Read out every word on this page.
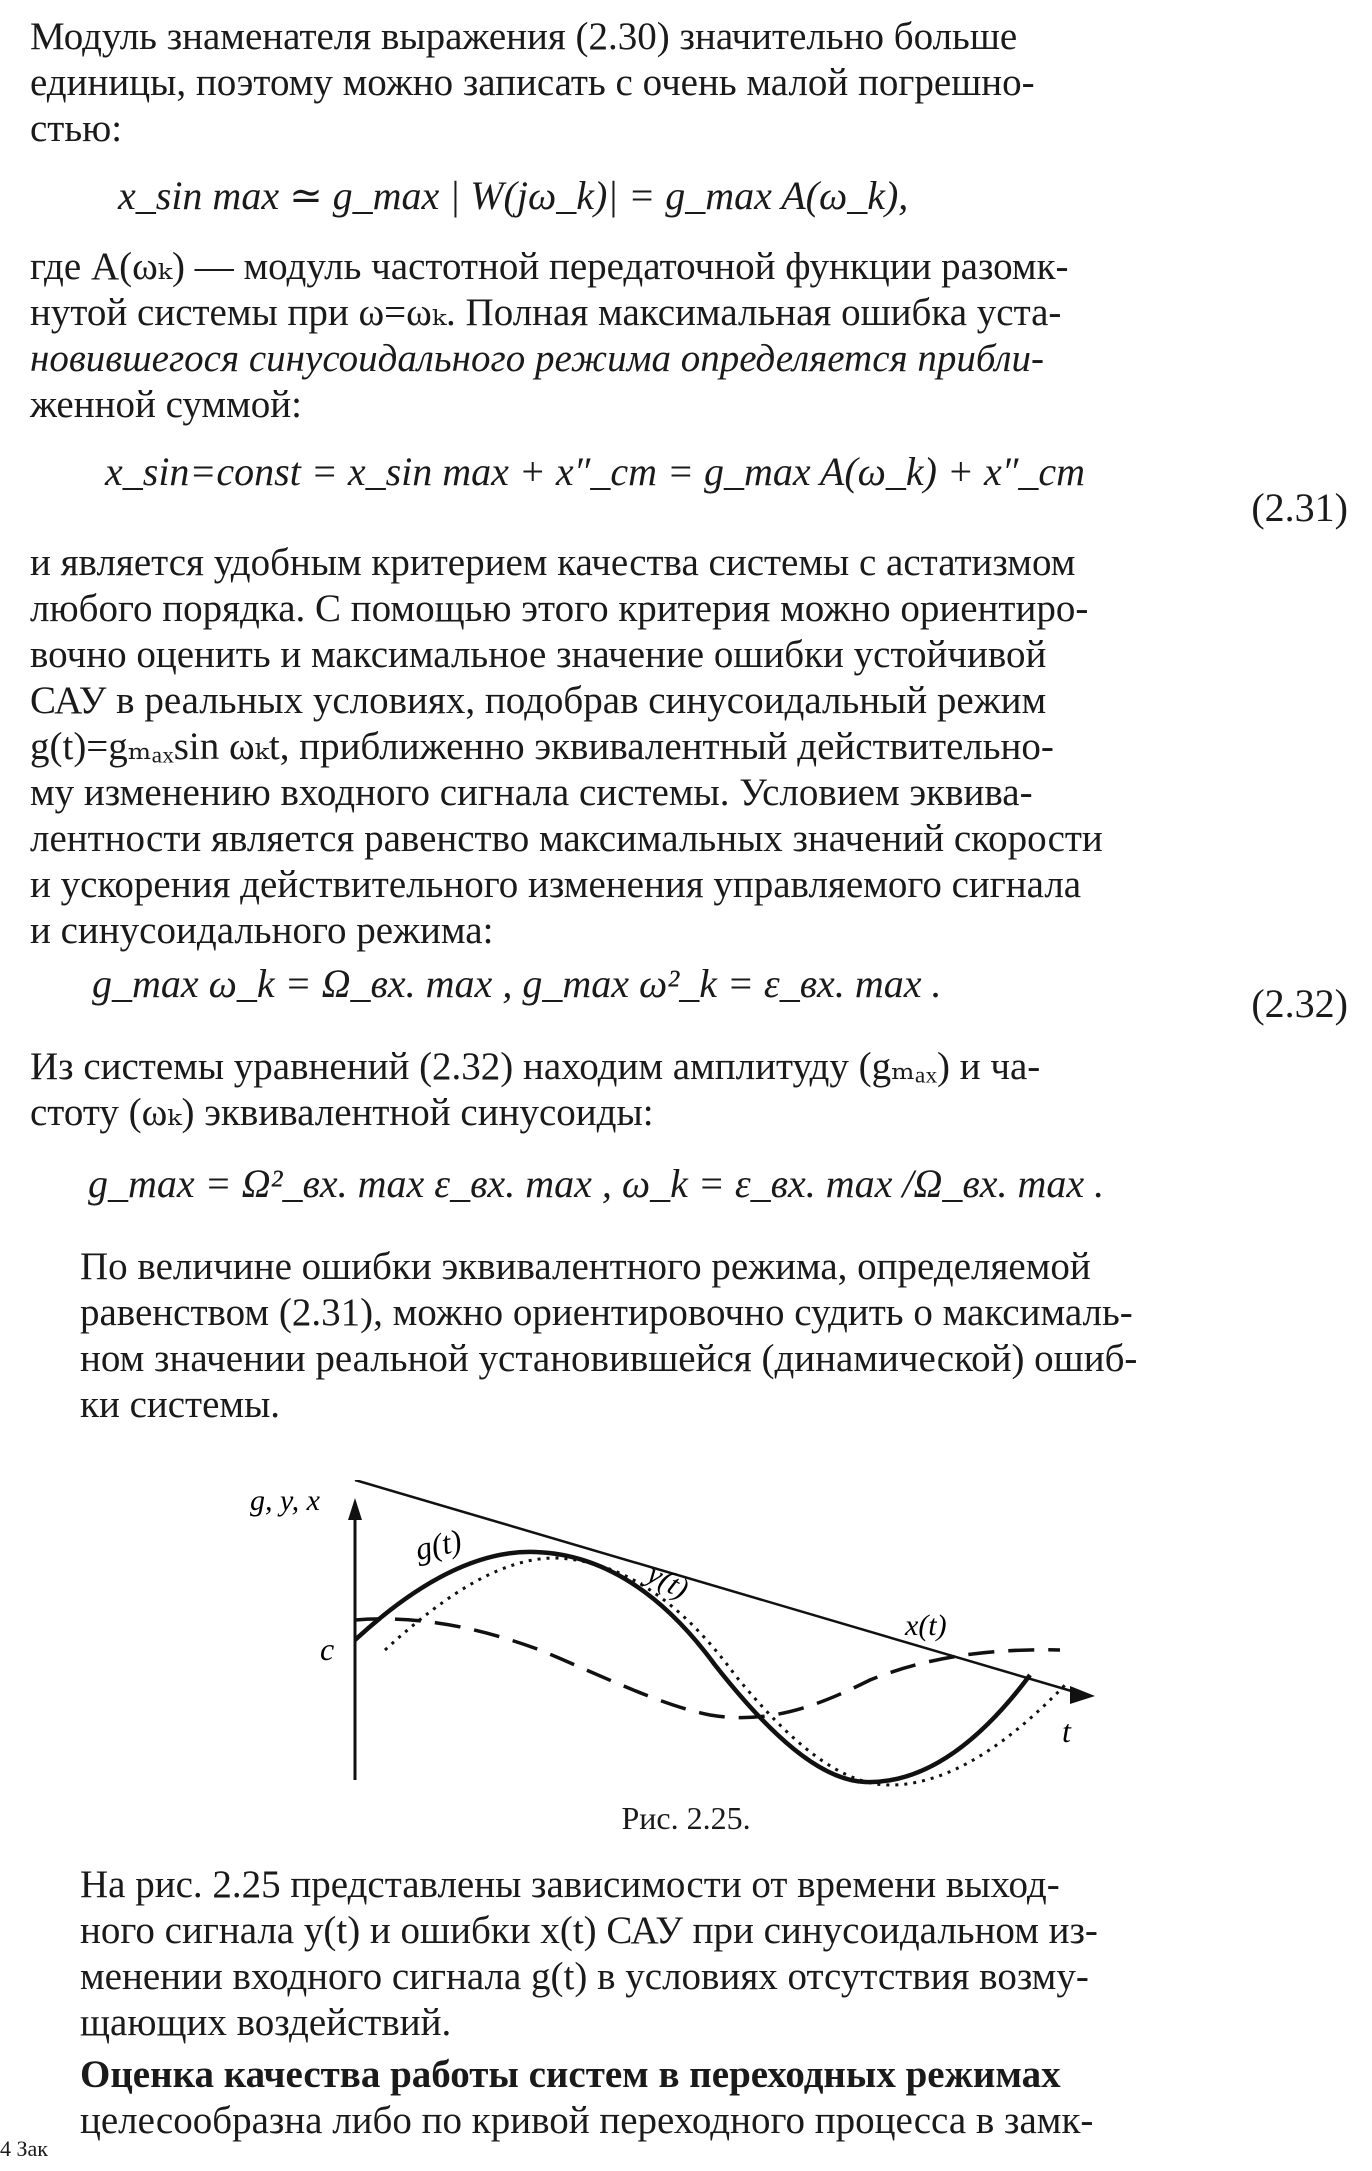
Модуль знаменателя выражения (2.30) значительно больше
единицы, поэтому можно записать с очень малой погрешно-
стью:
x_sin max ≃ g_max | W(jω_k)| = g_max A(ω_k),
где A(ωₖ) — модуль частотной передаточной функции разомк-
нутой системы при ω=ωₖ. Полная максимальная ошибка уста-
новившегося синусоидального режима определяется прибли-
женной суммой:
x_sin=const = x_sin max + x″_ст = g_max A(ω_k) + x″_ст
(2.31)
и является удобным критерием качества системы с астатизмом
любого порядка. С помощью этого критерия можно ориентиро-
вочно оценить и максимальное значение ошибки устойчивой
САУ в реальных условиях, подобрав синусоидальный режим
g(t)=gₘₐₓsin ωₖt, приближенно эквивалентный действительно-
му изменению входного сигнала системы. Условием эквива-
лентности является равенство максимальных значений скорости
и ускорения действительного изменения управляемого сигнала
и синусоидального режима:
g_max ω_k = Ω_вх. max , g_max ω²_k = ε_вх. max .	(2.32)
Из системы уравнений (2.32) находим амплитуду (gₘₐₓ) и ча-
стоту (ωₖ) эквивалентной синусоиды:
g_max = Ω²_вх. max ε_вх. max , ω_k = ε_вх. max /Ω_вх. max .
По величине ошибки эквивалентного режима, определяемой
равенством (2.31), можно ориентировочно судить о максималь-
ном значении реальной установившейся (динамической) ошиб-
ки системы.
g, y, x
c
g(t)
y(t)
x(t)
t
Рис. 2.25.
На рис. 2.25 представлены зависимости от времени выход-
ного сигнала y(t) и ошибки x(t) САУ при синусоидальном из-
менении входного сигнала g(t) в условиях отсутствия возму-
щающих воздействий.
Оценка качества работы систем в переходных режимах
целесообразна либо по кривой переходного процесса в замк-
4 Зак
